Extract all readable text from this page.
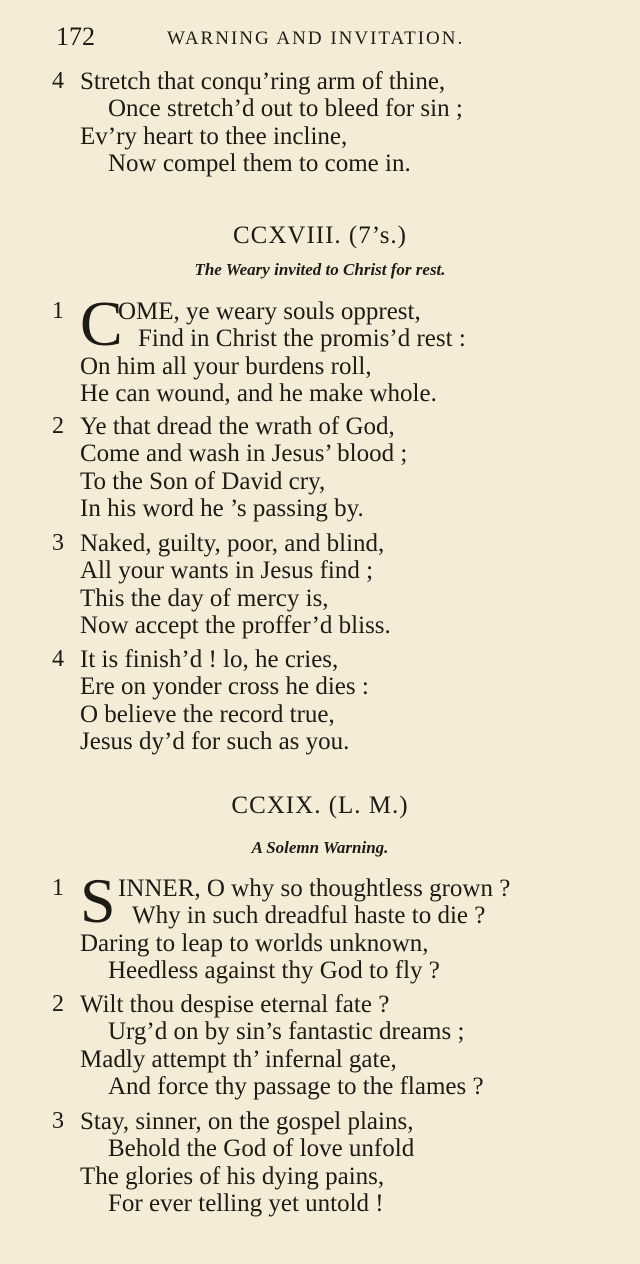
172	WARNING AND INVITATION.
4 Stretch that conqu’ring arm of thine,
Once stretch’d out to bleed for sin ;
Ev’ry heart to thee incline,
Now compel them to come in.
CCXVIII. (7’s.)
The Weary invited to Christ for rest.
1 C
OME, ye weary souls opprest,
Find in Christ the promis’d rest :
On him all your burdens roll,
He can wound, and he make whole.
2 Ye that dread the wrath of God,
Come and wash in Jesus’ blood ;
To the Son of David cry,
In his word he ’s passing by.
3 Naked, guilty, poor, and blind,
All your wants in Jesus find ;
This the day of mercy is,
Now accept the proffer’d bliss.
4 It is finish’d ! lo, he cries,
Ere on yonder cross he dies :
O believe the record true,
Jesus dy’d for such as you.
CCXIX. (L. M.)
A Solemn Warning.
1 S INNER, O why so thoughtless grown ?
Why in such dreadful haste to die ?
Daring to leap to worlds unknown,
Heedless against thy God to fly ?
2 Wilt thou despise eternal fate ?
Urg’d on by sin’s fantastic dreams ;
Madly attempt th’ infernal gate,
And force thy passage to the flames ?
3 Stay, sinner, on the gospel plains,
Behold the God of love unfold
The glories of his dying pains,
For ever telling yet untold !
